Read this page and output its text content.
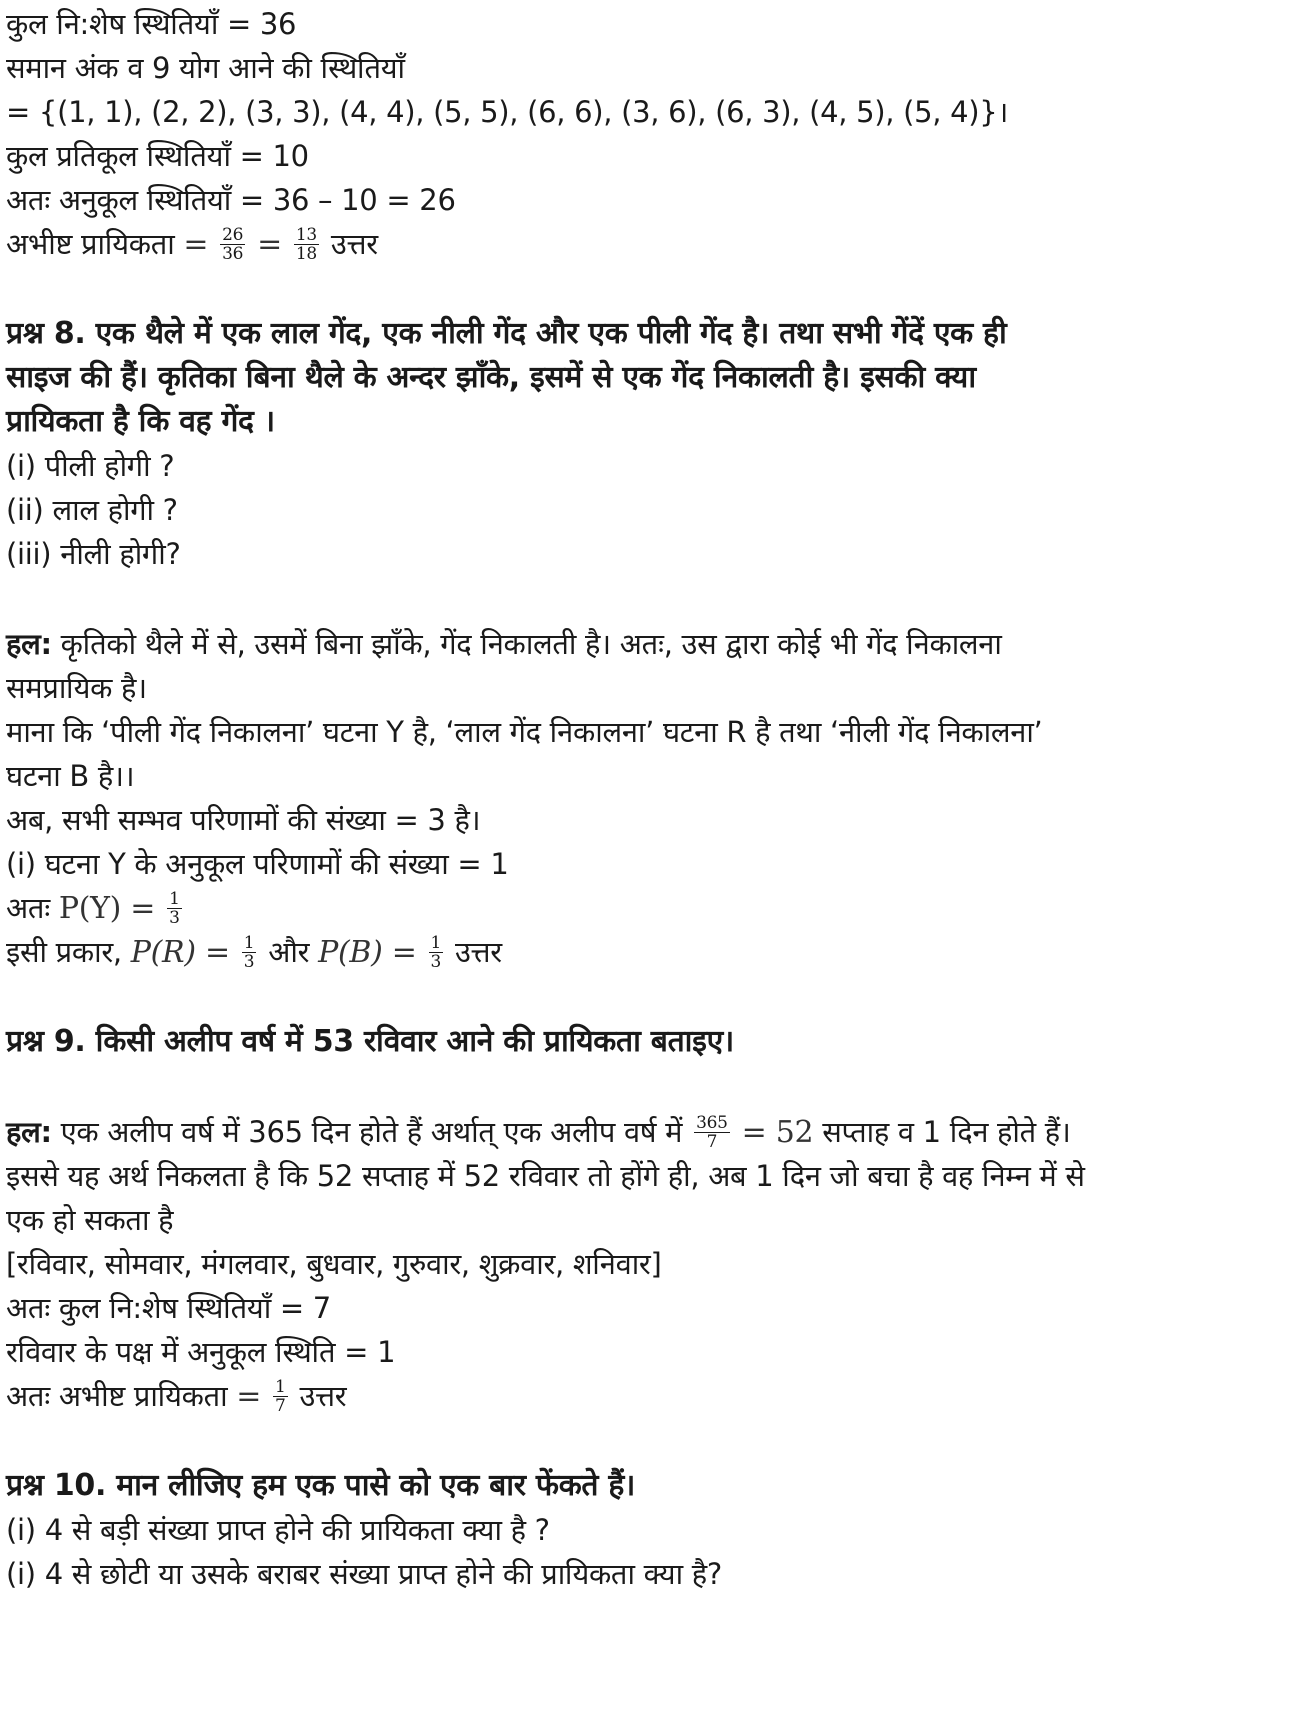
कुल नि:शेष स्थितियाँ = 36
समान अंक व 9 योग आने की स्थितियाँ
= {(1, 1), (2, 2), (3, 3), (4, 4), (5, 5), (6, 6), (3, 6), (6, 3), (4, 5), (5, 4)}।
कुल प्रतिकूल स्थितियाँ = 10
अतः अनुकूल स्थितियाँ = 36 – 10 = 26
अभीष्ट प्रायिकता = $\frac{26}{36} = \frac{13}{18}$ उत्तर
प्रश्न 8. एक थैले में एक लाल गेंद, एक नीली गेंद और एक पीली गेंद है। तथा सभी गेंदें एक ही
साइज की हैं। कृतिका बिना थैले के अन्दर झाँके, इसमें से एक गेंद निकालती है। इसकी क्या
प्रायिकता है कि वह गेंद ।
(i) पीली होगी ?
(ii) लाल होगी ?
(iii) नीली होगी?
हल: कृतिको थैले में से, उसमें बिना झाँके, गेंद निकालती है। अतः, उस द्वारा कोई भी गेंद निकालना
समप्रायिक है।
माना कि ‘पीली गेंद निकालना’ घटना Y है, ‘लाल गेंद निकालना’ घटना R है तथा ‘नीली गेंद निकालना’
घटना B है।।
अब, सभी सम्भव परिणामों की संख्या = 3 है।
(i) घटना Y के अनुकूल परिणामों की संख्या = 1
अतः $P(Y) = \frac{1}{3}$
इसी प्रकार, $P(R) = \frac{1}{3}$ और $P(B) = \frac{1}{3}$ उत्तर
प्रश्न 9. किसी अलीप वर्ष में 53 रविवार आने की प्रायिकता बताइए।
हल: एक अलीप वर्ष में 365 दिन होते हैं अर्थात् एक अलीप वर्ष में $\frac{365}{7} = 52$ सप्ताह व 1 दिन होते हैं।
इससे यह अर्थ निकलता है कि 52 सप्ताह में 52 रविवार तो होंगे ही, अब 1 दिन जो बचा है वह निम्न में से
एक हो सकता है
[रविवार, सोमवार, मंगलवार, बुधवार, गुरुवार, शुक्रवार, शनिवार]
अतः कुल नि:शेष स्थितियाँ = 7
रविवार के पक्ष में अनुकूल स्थिति = 1
अतः अभीष्ट प्रायिकता = $\frac{1}{7}$ उत्तर
प्रश्न 10. मान लीजिए हम एक पासे को एक बार फेंकते हैं।
(i) 4 से बड़ी संख्या प्राप्त होने की प्रायिकता क्या है ?
(i) 4 से छोटी या उसके बराबर संख्या प्राप्त होने की प्रायिकता क्या है?
